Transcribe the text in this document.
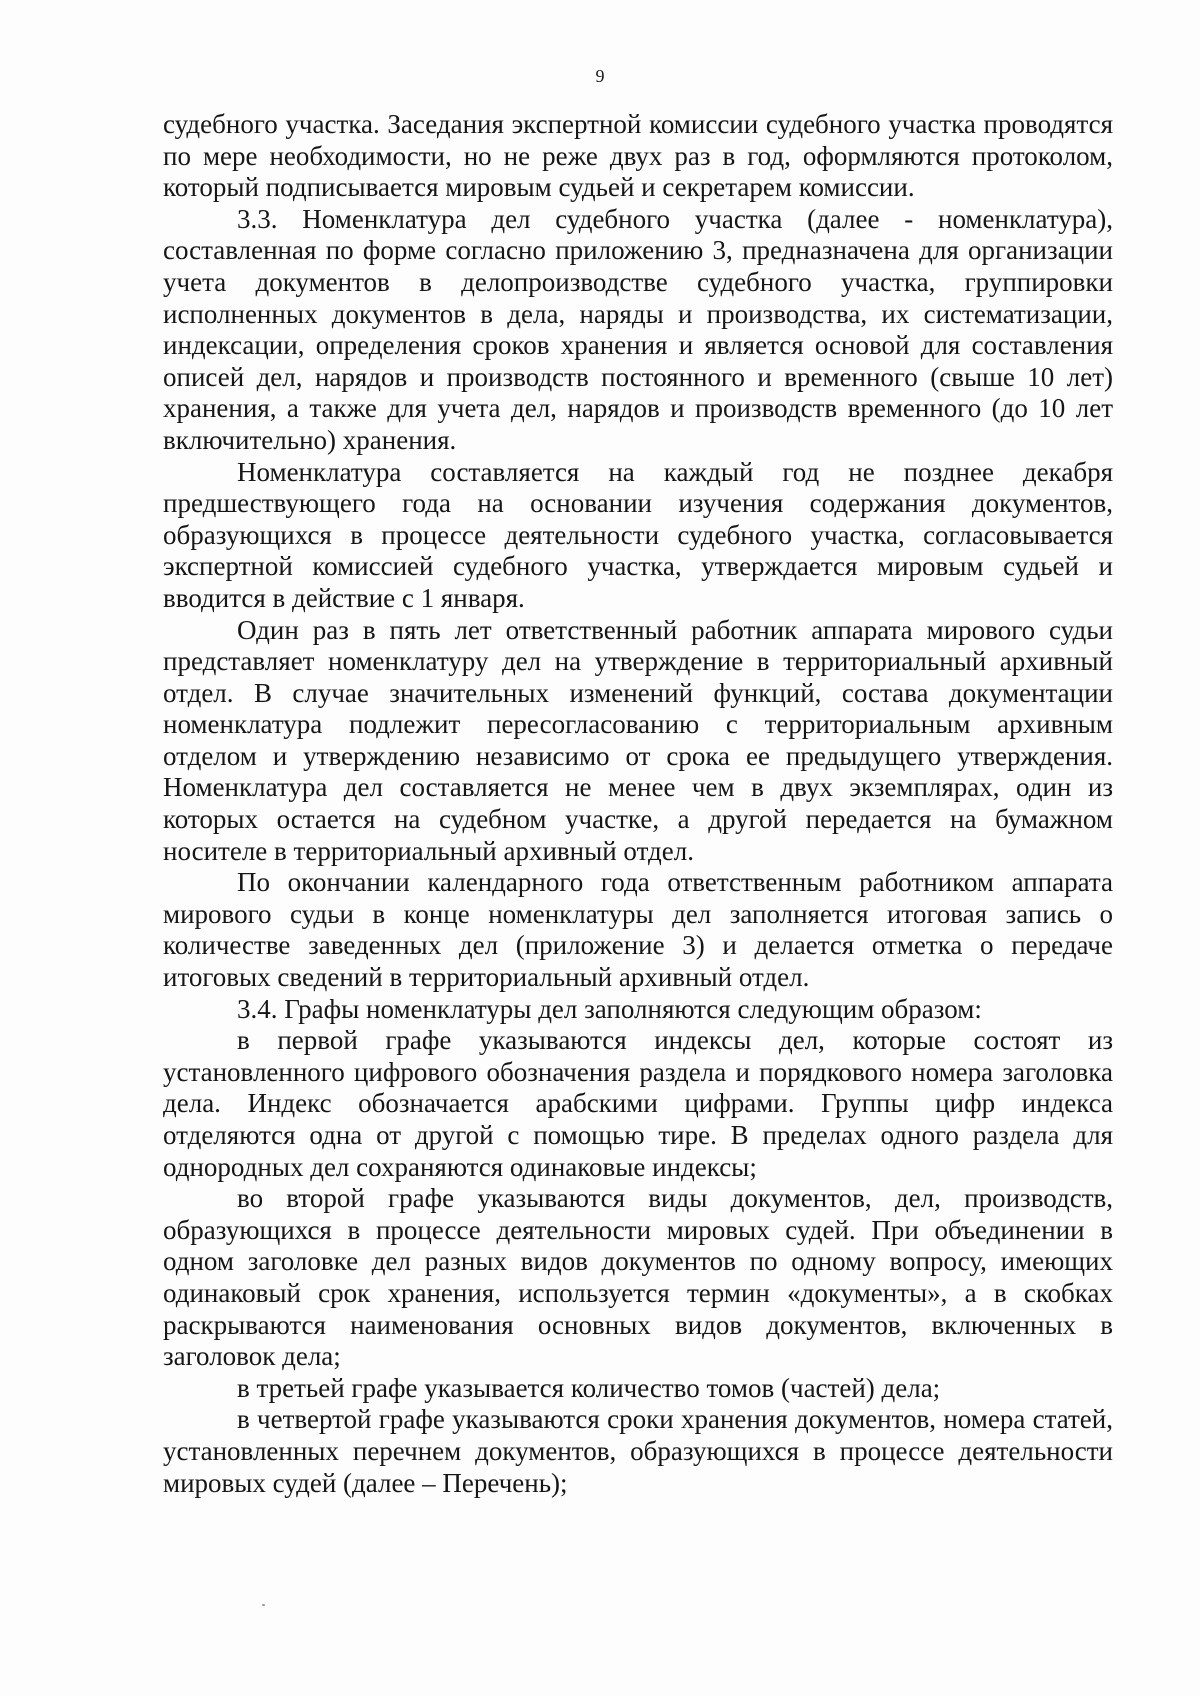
9

судебного участка. Заседания экспертной комиссии судебного участка проводятся по мере необходимости, но не реже двух раз в год, оформляются протоколом, который подписывается мировым судьей и секретарем комиссии.

3.3. Номенклатура дел судебного участка (далее - номенклатура), составленная по форме согласно приложению 3, предназначена для организации учета документов в делопроизводстве судебного участка, группировки исполненных документов в дела, наряды и производства, их систематизации, индексации, определения сроков хранения и является основой для составления описей дел, нарядов и производств постоянного и временного (свыше 10 лет) хранения, а также для учета дел, нарядов и производств временного (до 10 лет включительно) хранения.

Номенклатура составляется на каждый год не позднее декабря предшествующего года на основании изучения содержания документов, образующихся в процессе деятельности судебного участка, согласовывается экспертной комиссией судебного участка, утверждается мировым судьей и вводится в действие с 1 января.

Один раз в пять лет ответственный работник аппарата мирового судьи представляет номенклатуру дел на утверждение в территориальный архивный отдел. В случае значительных изменений функций, состава документации номенклатура подлежит пересогласованию с территориальным архивным отделом и утверждению независимо от срока ее предыдущего утверждения. Номенклатура дел составляется не менее чем в двух экземплярах, один из которых остается на судебном участке, а другой передается на бумажном носителе в территориальный архивный отдел.

По окончании календарного года ответственным работником аппарата мирового судьи в конце номенклатуры дел заполняется итоговая запись о количестве заведенных дел (приложение 3) и делается отметка о передаче итоговых сведений в территориальный архивный отдел.

3.4. Графы номенклатуры дел заполняются следующим образом:

в первой графе указываются индексы дел, которые состоят из установленного цифрового обозначения раздела и порядкового номера заголовка дела. Индекс обозначается арабскими цифрами. Группы цифр индекса отделяются одна от другой с помощью тире. В пределах одного раздела для однородных дел сохраняются одинаковые индексы;

во второй графе указываются виды документов, дел, производств, образующихся в процессе деятельности мировых судей. При объединении в одном заголовке дел разных видов документов по одному вопросу, имеющих одинаковый срок хранения, используется термин «документы», а в скобках раскрываются наименования основных видов документов, включенных в заголовок дела;

в третьей графе указывается количество томов (частей) дела;

в четвертой графе указываются сроки хранения документов, номера статей, установленных перечнем документов, образующихся в процессе деятельности мировых судей (далее – Перечень);
